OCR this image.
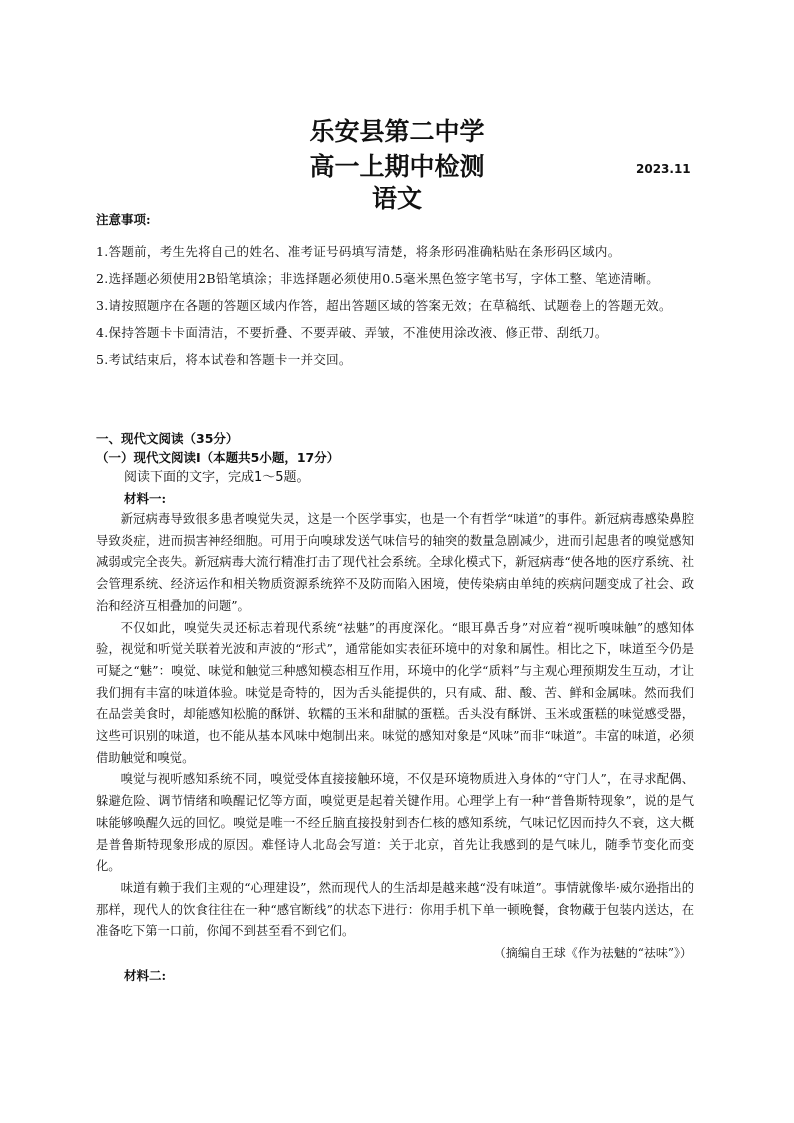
乐安县第二中学
高一上期中检测
语文
2023.11
注意事项:
1.答题前，考生先将自己的姓名、准考证号码填写清楚，将条形码准确粘贴在条形码区域内。
2.选择题必须使用2B铅笔填涂；非选择题必须使用0.5毫米黑色签字笔书写，字体工整、笔迹清晰。
3.请按照题序在各题的答题区域内作答，超出答题区域的答案无效；在草稿纸、试题卷上的答题无效。
4.保持答题卡卡面清洁，不要折叠、不要弄破、弄皱，不准使用涂改液、修正带、刮纸刀。
5.考试结束后，将本试卷和答题卡一并交回。
一、现代文阅读（35分）
（一）现代文阅读Ⅰ（本题共5小题，17分）
阅读下面的文字，完成1～5题。
材料一:

新冠病毒导致很多患者嗅觉失灵，这是一个医学事实，也是一个有哲学“味道”的事件。新冠病毒感染鼻腔导致炎症，进而损害神经细胞。可用于向嗅球发送气味信号的轴突的数量急剧减少，进而引起患者的嗅觉感知减弱或完全丧失。新冠病毒大流行精准打击了现代社会系统。全球化模式下，新冠病毒“使各地的医疗系统、社会管理系统、经济运作和相关物质资源系统猝不及防而陷入困境，使传染病由单纯的疾病问题变成了社会、政治和经济互相叠加的问题”。

不仅如此，嗅觉失灵还标志着现代系统“祛魅”的再度深化。“眼耳鼻舌身”对应着“视听嗅味触”的感知体验，视觉和听觉关联着光波和声波的“形式”，通常能如实表征环境中的对象和属性。相比之下，味道至今仍是可疑之“魅”：嗅觉、味觉和触觉三种感知模态相互作用，环境中的化学“质料”与主观心理预期发生互动，才让我们拥有丰富的味道体验。味觉是奇特的，因为舌头能提供的，只有咸、甜、酸、苦、鲜和金属味。然而我们在品尝美食时，却能感知松脆的酥饼、软糯的玉米和甜腻的蛋糕。舌头没有酥饼、玉米或蛋糕的味觉感受器，这些可识别的味道，也不能从基本风味中炮制出来。味觉的感知对象是“风味”而非“味道”。丰富的味道，必须借助触觉和嗅觉。

嗅觉与视听感知系统不同，嗅觉受体直接接触环境，不仅是环境物质进入身体的“守门人”，在寻求配偶、躲避危险、调节情绪和唤醒记忆等方面，嗅觉更是起着关键作用。心理学上有一种“普鲁斯特现象”，说的是气味能够唤醒久远的回忆。嗅觉是唯一不经丘脑直接投射到杏仁核的感知系统，气味记忆因而持久不衰，这大概是普鲁斯特现象形成的原因。难怪诗人北岛会写道：关于北京，首先让我感到的是气味儿，随季节变化而变化。

味道有赖于我们主观的“心理建设”，然而现代人的生活却是越来越“没有味道”。事情就像毕·威尔逊指出的那样，现代人的饮食往往在一种“感官断线”的状态下进行：你用手机下单一顿晚餐，食物藏于包装内送达，在准备吃下第一口前，你闻不到甚至看不到它们。

（摘编自王球《作为祛魅的“祛味”》）
材料二:
